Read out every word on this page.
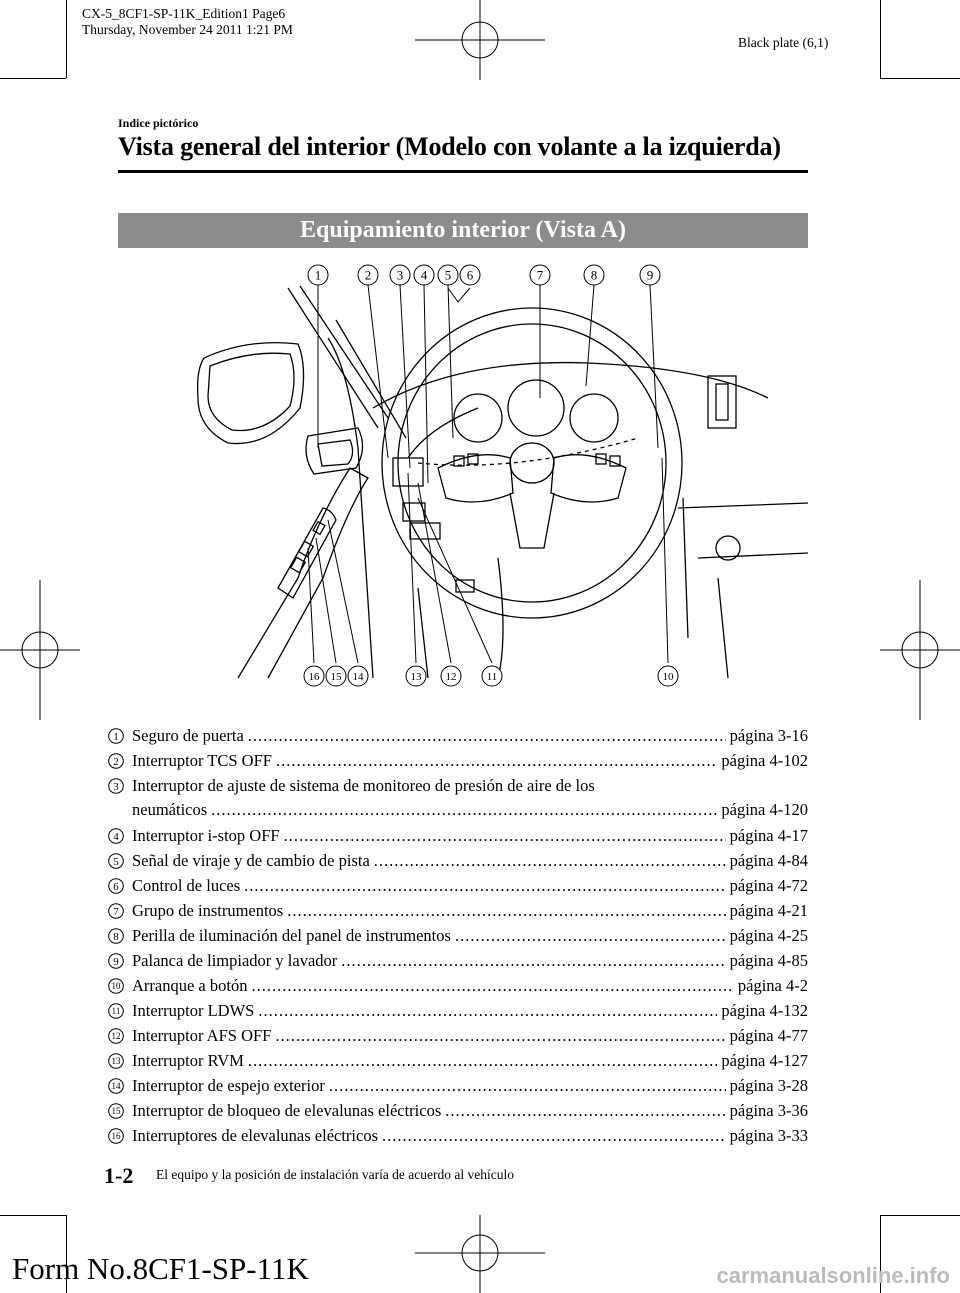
CX-5_8CF1-SP-11K_Edition1 Page6
Thursday, November 24 2011 1:21 PM
Black plate (6,1)
Indice pictórico
Vista general del interior (Modelo con volante a la izquierda)
Equipamiento interior (Vista A)
1	2 3 4 5 6	7	8	9
10
11
12
13
14
15
16
1 Seguro de puerta .....	página 3-16
2 Interruptor TCS OFF .....	página 4-102
3 Interruptor de ajuste de sistema de monitoreo de presión de aire de los
neumáticos .....	página 4-120
4 Interruptor i-stop OFF .....	página 4-17
5 Señal de viraje y de cambio de pista .....	página 4-84
6 Control de luces .....	página 4-72
7 Grupo de instrumentos .....	página 4-21
8 Perilla de iluminación del panel de instrumentos .....	página 4-25
9 Palanca de limpiador y lavador .....	página 4-85
10 Arranque a botón .....	página 4-2
11 Interruptor LDWS .....	página 4-132
12 Interruptor AFS OFF .....	página 4-77
13 Interruptor RVM .....	página 4-127
14 Interruptor de espejo exterior .....	página 3-28
15 Interruptor de bloqueo de elevalunas eléctricos .....	página 3-36
16 Interruptores de elevalunas eléctricos .....	página 3-33
1-2 El equipo y la posición de instalación varía de acuerdo al vehículo
Form No.8CF1-SP-11K	carmanualsonline.info
